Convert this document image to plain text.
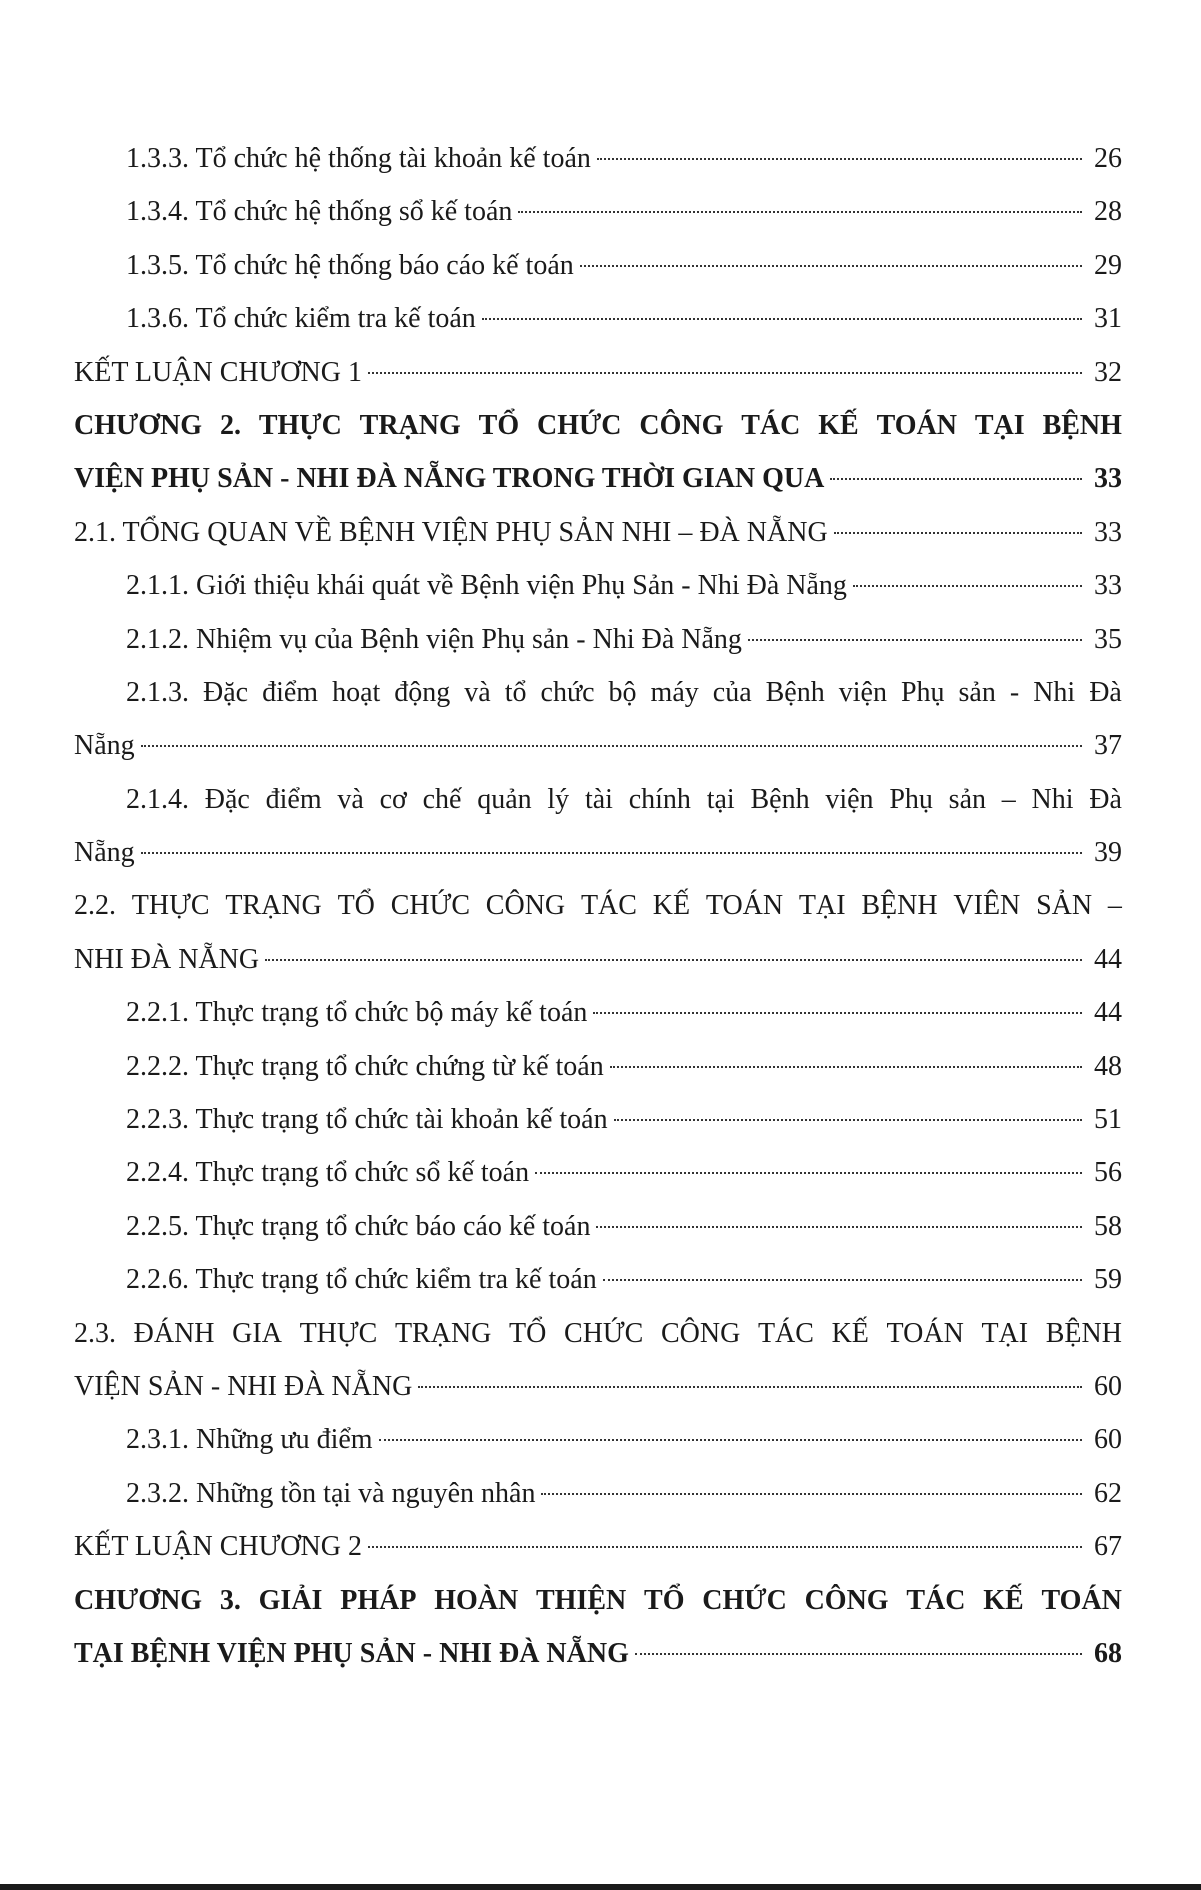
1.3.3. Tổ chức hệ thống tài khoản kế toán	26
1.3.4. Tổ chức hệ thống sổ kế toán	28
1.3.5. Tổ chức hệ thống báo cáo kế toán	29
1.3.6. Tổ chức kiểm tra kế toán	31
KẾT LUẬN CHƯƠNG 1	32
CHƯƠNG 2. THỰC TRẠNG TỔ CHỨC CÔNG TÁC KẾ TOÁN TẠI BỆNH
VIỆN PHỤ SẢN - NHI ĐÀ NẴNG TRONG THỜI GIAN QUA	33
2.1. TỔNG QUAN VỀ BỆNH VIỆN PHỤ SẢN NHI – ĐÀ NẴNG	33
2.1.1. Giới thiệu khái quát về Bệnh viện Phụ Sản - Nhi Đà Nẵng	33
2.1.2. Nhiệm vụ của Bệnh viện Phụ sản - Nhi Đà Nẵng	35
2.1.3. Đặc điểm hoạt động và tổ chức bộ máy của Bệnh viện Phụ sản - Nhi Đà
Nẵng	37
2.1.4. Đặc điểm và cơ chế quản lý tài chính tại Bệnh viện Phụ sản – Nhi Đà
Nẵng	39
2.2. THỰC TRẠNG TỔ CHỨC CÔNG TÁC KẾ TOÁN TẠI BỆNH VIÊN SẢN –
NHI ĐÀ NẴNG	44
2.2.1. Thực trạng tổ chức bộ máy kế toán	44
2.2.2. Thực trạng tổ chức chứng từ kế toán	48
2.2.3. Thực trạng tổ chức tài khoản kế toán	51
2.2.4. Thực trạng tổ chức sổ kế toán	56
2.2.5. Thực trạng tổ chức báo cáo kế toán	58
2.2.6. Thực trạng tổ chức kiểm tra kế toán	59
2.3. ĐÁNH GIA THỰC TRẠNG TỔ CHỨC CÔNG TÁC KẾ TOÁN TẠI BỆNH
VIỆN SẢN - NHI ĐÀ NẴNG	60
2.3.1. Những ưu điểm	60
2.3.2. Những tồn tại và nguyên nhân	62
KẾT LUẬN CHƯƠNG 2	67
CHƯƠNG 3. GIẢI PHÁP HOÀN THIỆN TỔ CHỨC CÔNG TÁC KẾ TOÁN
TẠI BỆNH VIỆN PHỤ SẢN - NHI ĐÀ NẴNG	68
